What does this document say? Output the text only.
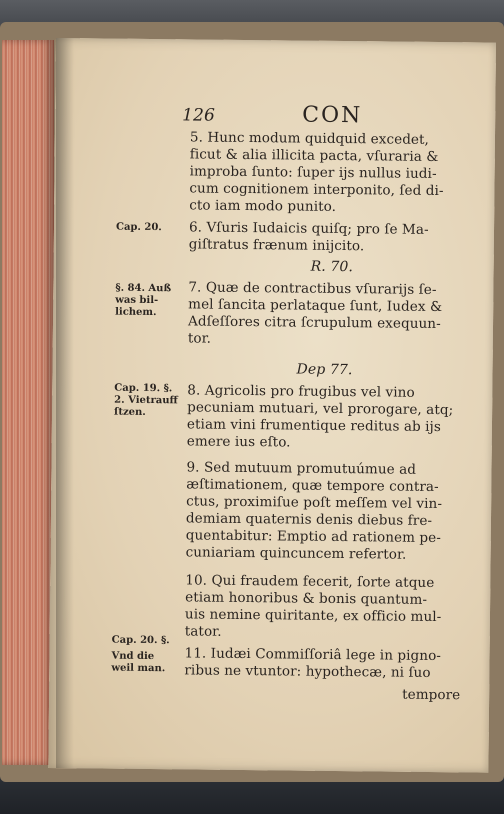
126	CON
5. Hunc modum quidquid excedet,
ficut & alia illicita pacta, vſuraria &
improba ſunto: ſuper ijs nullus iudi-
cum cognitionem interponito, ſed di-
cto iam modo punito.
Cap. 20. 6. Vſuris Iudaicis quiſq; pro ſe Ma-
giſtratus frænum inijcito.
R. 70.
§. 84. Auß
was bil-
lichem.
7. Quæ de contractibus vſurarijs ſe-
mel ſancita perlataque ſunt, Iudex &
Adſeſſores citra ſcrupulum exequun-
tor.
Dep 77.
Cap. 19. §.
2. Vietrauff
ſtzen.
8. Agricolis pro frugibus vel vino
pecuniam mutuari, vel prorogare, atq;
etiam vini frumentique reditus ab ijs
emere ius eſto.
9. Sed mutuum promutuúmue ad
æſtimationem, quæ tempore contra-
ctus, proximiſue poſt meſſem vel vin-
demiam quaternis denis diebus fre-
quentabitur: Emptio ad rationem pe-
cuniariam quincuncem refertor.
10. Qui fraudem fecerit, ſorte atque
etiam honoribus & bonis quantum-
uis nemine quiritante, ex officio mul-
Cap. 20. §.
tator.
Vnd die
weil man.
11. Iudæi Commiſſoriâ lege in pigno-
ribus ne vtuntor: hypothecæ, ni ſuo
tempore
